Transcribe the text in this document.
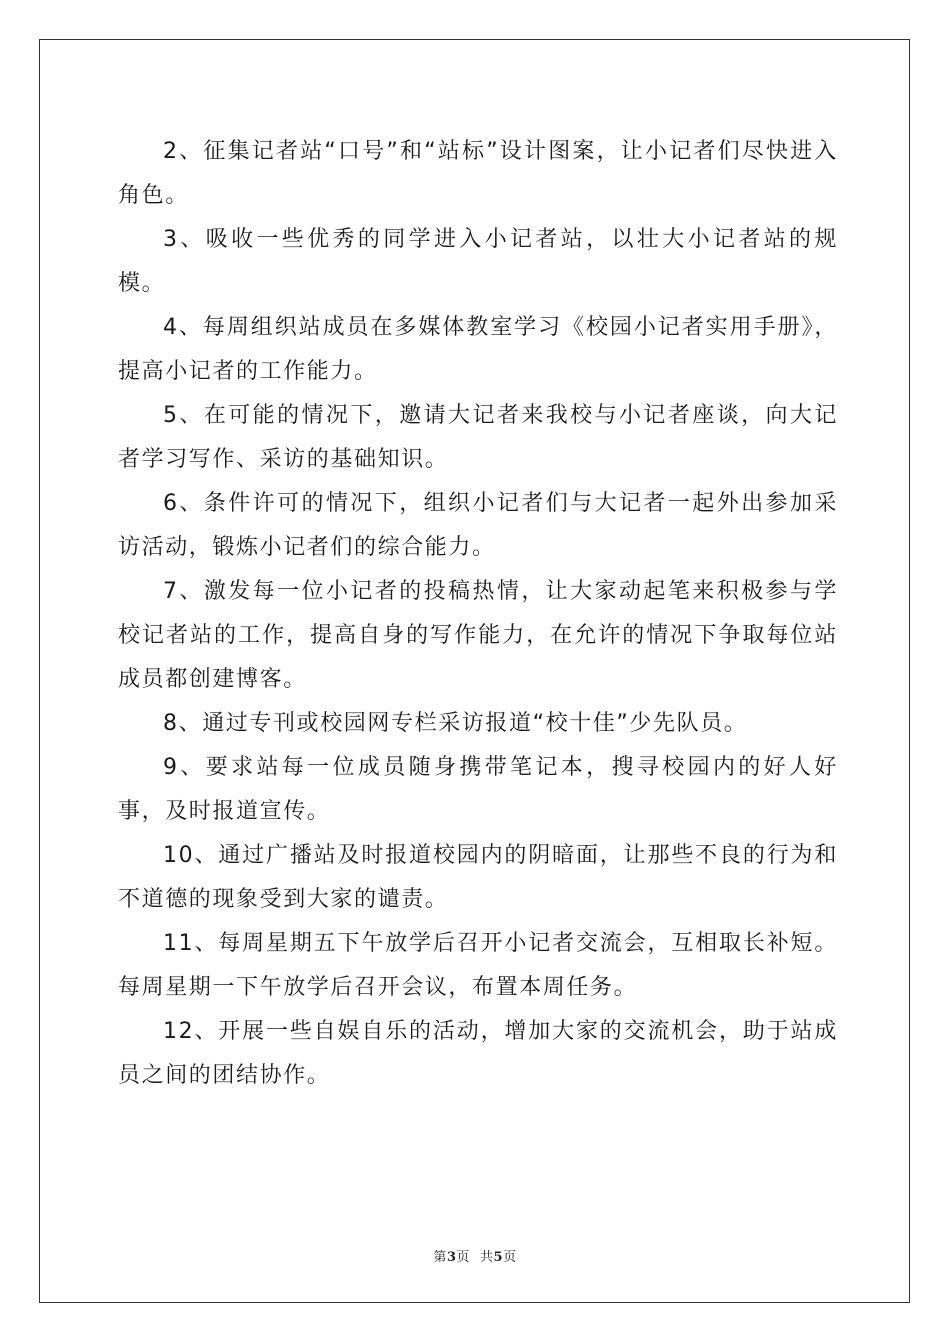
2、征集记者站“口号”和“站标”设计图案，让小记者们尽快进入角色。

3、吸收一些优秀的同学进入小记者站，以壮大小记者站的规模。

4、每周组织站成员在多媒体教室学习《校园小记者实用手册》，提高小记者的工作能力。

5、在可能的情况下，邀请大记者来我校与小记者座谈，向大记者学习写作、采访的基础知识。

6、条件许可的情况下，组织小记者们与大记者一起外出参加采访活动，锻炼小记者们的综合能力。

7、激发每一位小记者的投稿热情，让大家动起笔来积极参与学校记者站的工作，提高自身的写作能力，在允许的情况下争取每位站成员都创建博客。

8、通过专刊或校园网专栏采访报道“校十佳”少先队员。

9、要求站每一位成员随身携带笔记本，搜寻校园内的好人好事，及时报道宣传。

10、通过广播站及时报道校园内的阴暗面，让那些不良的行为和不道德的现象受到大家的谴责。

11、每周星期五下午放学后召开小记者交流会，互相取长补短。每周星期一下午放学后召开会议，布置本周任务。

12、开展一些自娱自乐的活动，增加大家的交流机会，助于站成员之间的团结协作。

第3页 共5页
